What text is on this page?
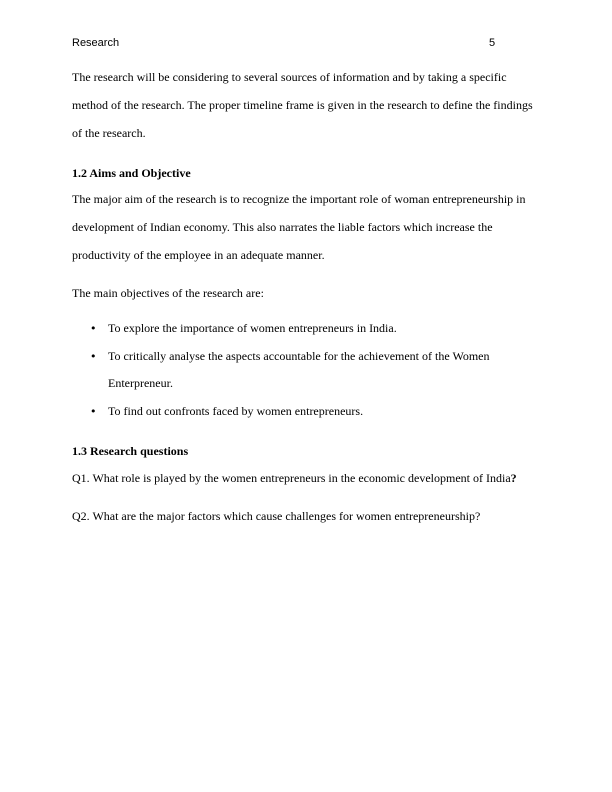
Research	5
The research will be considering to several sources of information and by taking a specific
method of the research. The proper timeline frame is given in the research to define the findings
of the research.
1.2 Aims and Objective
The major aim of the research is to recognize the important role of woman entrepreneurship in
development of Indian economy. This also narrates the liable factors which increase the
productivity of the employee in an adequate manner.
The main objectives of the research are:
• To explore the importance of women entrepreneurs in India.
• To critically analyse the aspects accountable for the achievement of the Women
Enterpreneur.
• To find out confronts faced by women entrepreneurs.
1.3 Research questions
Q1. What role is played by the women entrepreneurs in the economic development of India?
Q2. What are the major factors which cause challenges for women entrepreneurship?
